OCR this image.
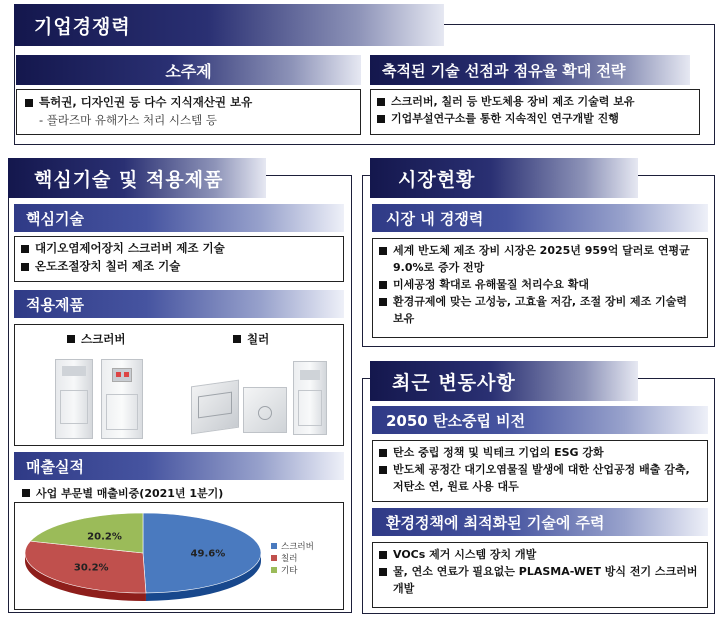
기업경쟁력
소주제
특허권, 디자인권 등 다수 지식재산권 보유
- 플라즈마 유해가스 처리 시스템 등
축적된 기술 선점과 점유율 확대 전략
스크러버, 칠러 등 반도체용 장비 제조 기술력 보유
기업부설연구소를 통한 지속적인 연구개발 진행
핵심기술 및 적용제품
핵심기술
대기오염제어장치 스크러버 제조 기술
온도조절장치 칠러 제조 기술
적용제품
스크러버	칠러
매출실적
사업 부문별 매출비중(2021년 1분기)
49.6%
30.2%
20.2%
스크러버
칠러
기타
시장현황
시장 내 경쟁력
세계 반도체 제조 장비 시장은 2025년 959억 달러로 연평균 9.0%로 증가 전망
미세공정 확대로 유해물질 처리수요 확대
환경규제에 맞는 고성능, 고효율 저감, 조절 장비 제조 기술력 보유
최근 변동사항
2050 탄소중립 비전
탄소 중립 정책 및 빅테크 기업의 ESG 강화
반도체 공정간 대기오염물질 발생에 대한 산업공정 배출 감축, 저탄소 연, 원료 사용 대두
환경정책에 최적화된 기술에 주력
VOCs 제거 시스템 장치 개발
물, 연소 연료가 필요없는 PLASMA-WET 방식 전기 스크러버 개발
